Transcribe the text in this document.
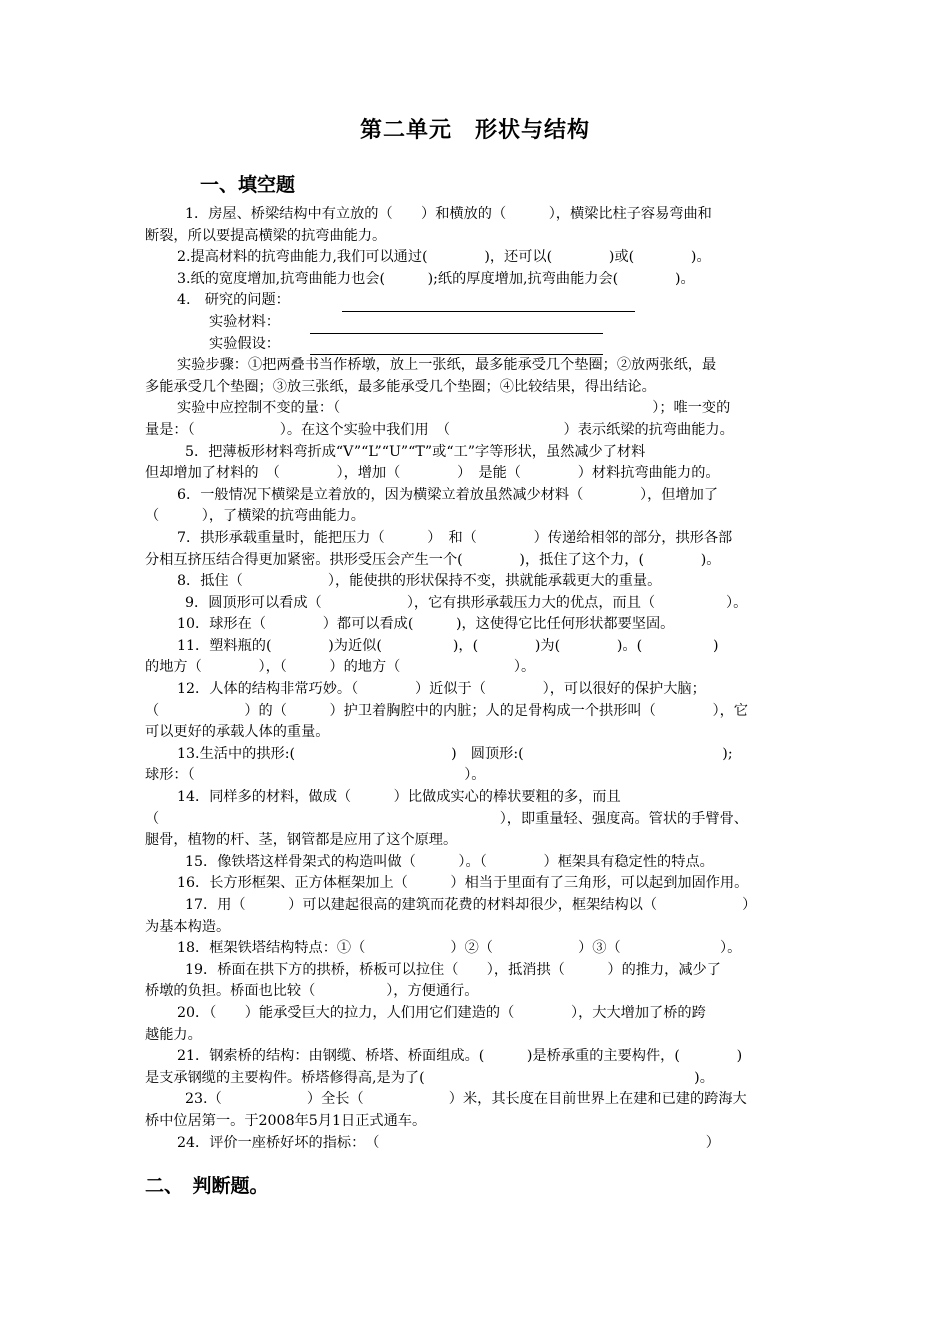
第二单元　形状与结构
一、填空题

1．房屋、桥梁结构中有立放的（　　）和横放的（　　　），横梁比柱子容易弯曲和

断裂，所以要提高横梁的抗弯曲能力。

2.提高材料的抗弯曲能力,我们可以通过(　　　　)，还可以(　　　　)或(　　　　)。

3.纸的宽度增加,抗弯曲能力也会(　　　);纸的厚度增加,抗弯曲能力会(　　　　)。

4.　研究的问题：
实验材料：
实验假设：

实验步骤：①把两叠书当作桥墩，放上一张纸，最多能承受几个垫圈；②放两张纸，最

多能承受几个垫圈；③放三张纸，最多能承受几个垫圈；④比较结果，得出结论。

实验中应控制不变的量：（　　　　　　　　　　　　　　　　　　　　　　）；唯一变的

量是：（　　　　　　）。在这个实验中我们用　（　　　　　　　　）表示纸梁的抗弯曲能力。

5．把薄板形材料弯折成“V”“L”“U”“T”或“工”字等形状，虽然减少了材料

但却增加了材料的　（　　　　），增加（　　　　）　是能（　　　　）材料抗弯曲能力的。

6．一般情况下横梁是立着放的，因为横梁立着放虽然减少材料（　　　　），但增加了

（　　　），了横梁的抗弯曲能力。

7．拱形承载重量时，能把压力（　　　）　和（　　　　）传递给相邻的部分，拱形各部

分相互挤压结合得更加紧密。拱形受压会产生一个(　　　　)，抵住了这个力，(　　　　)。

8．抵住（　　　　　　），能使拱的形状保持不变，拱就能承载更大的重量。

9．圆顶形可以看成（　　　　　　），它有拱形承载压力大的优点，而且（　　　　　）。

10．球形在（　　　　）都可以看成(　　　)，这使得它比任何形状都要坚固。

11．塑料瓶的(　　　　)为近似(　　　　　)，(　　　　)为(　　　　)。(　　　　　)

的地方（　　　　），（　　　）的地方（　　　　　　　　）。

12．人体的结构非常巧妙。（　　　　）近似于（　　　　），可以很好的保护大脑；

（　　　　　　）的（　　　）护卫着胸腔中的内脏；人的足骨构成一个拱形叫（　　　　），它

可以更好的承载人体的重量。

13.生活中的拱形:(　　　　　　　　　　　)　圆顶形:(　　　　　　　　　　　　　　);

球形：（　　　　　　　　　　　　　　　　　　　）。

14．同样多的材料，做成（　　　）比做成实心的棒状要粗的多，而且

（　　　　　　　　　　　　　　　　　　　　　　　　），即重量轻、强度高。管状的手臂骨、

腿骨，植物的杆、茎，钢管都是应用了这个原理。

15．像铁塔这样骨架式的构造叫做（　　　）。（　　　　）框架具有稳定性的特点。

16．长方形框架、正方体框架加上（　　　）相当于里面有了三角形，可以起到加固作用。

17．用（　　　）可以建起很高的建筑而花费的材料却很少，框架结构以（　　　　　　）

为基本构造。

18．框架铁塔结构特点：①（　　　　　　）②（　　　　　　）③（　　　　　　　）。

19．桥面在拱下方的拱桥，桥板可以拉住（　　），抵消拱（　　　）的推力，减少了

桥墩的负担。桥面也比较（　　　　　），方便通行。

20．（　　）能承受巨大的拉力，人们用它们建造的（　　　　），大大增加了桥的跨

越能力。

21．钢索桥的结构：由钢缆、桥塔、桥面组成。(　　　)是桥承重的主要构件，(　　　　)

是支承钢缆的主要构件。桥塔修得高,是为了(　　　　　　　　　　　　　　　　　　　)。

23.（　　　　　　）全长（　　　　　　）米，其长度在目前世界上在建和已建的跨海大

桥中位居第一。于2008年5月1日正式通车。

24．评价一座桥好坏的指标：　（　　　　　　　　　　　　　　　　　　　　　　　）

二、　判断题。
